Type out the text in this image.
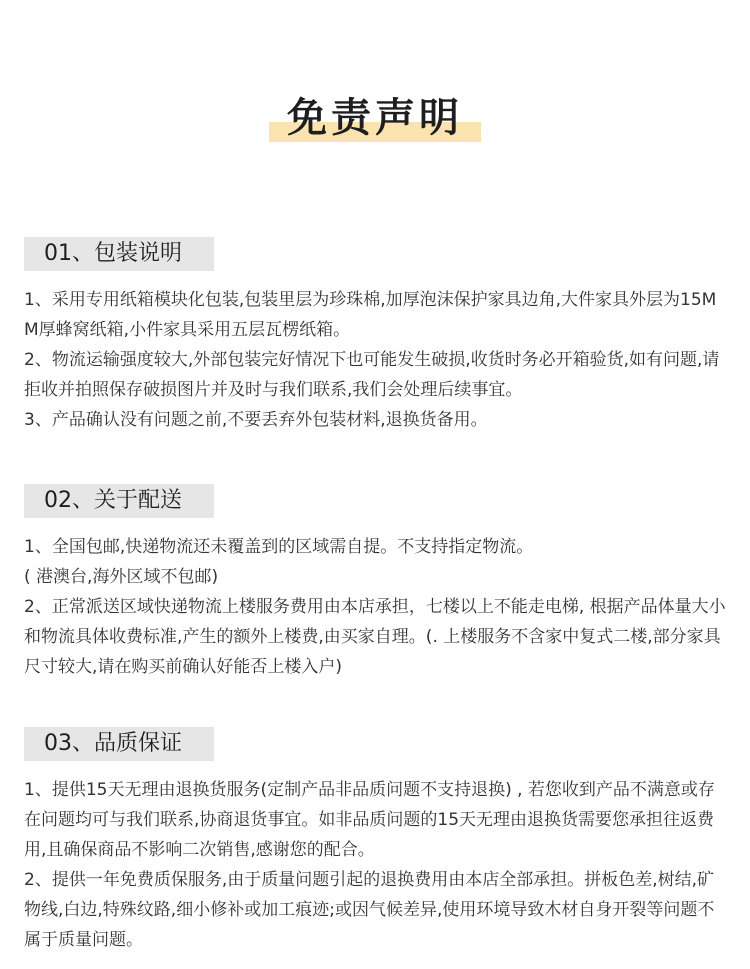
免责声明
01、包装说明

1、采用专用纸箱模块化包装,包装里层为珍珠棉,加厚泡沫保护家具边角,大件家具外层为15MM厚蜂窝纸箱,小件家具采用五层瓦楞纸箱。

2、物流运输强度较大,外部包装完好情况下也可能发生破损,收货时务必开箱验货,如有问题,请拒收并拍照保存破损图片并及时与我们联系,我们会处理后续事宜。

3、产品确认没有问题之前,不要丢弃外包装材料,退换货备用。

02、关于配送

1、全国包邮,快递物流还未覆盖到的区域需自提。不支持指定物流。

( 港澳台,海外区域不包邮)

2、正常派送区域快递物流上楼服务费用由本店承担，七楼以上不能走电梯, 根据产品体量大小和物流具体收费标准,产生的额外上楼费,由买家自理。(. 上楼服务不含家中复式二楼,部分家具尺寸较大,请在购买前确认好能否上楼入户)

03、品质保证

1、提供15天无理由退换货服务(定制产品非品质问题不支持退换) , 若您收到产品不满意或存在问题均可与我们联系,协商退货事宜。如非品质问题的15天无理由退换货需要您承担往返费用,且确保商品不影响二次销售,感谢您的配合。

2、提供一年免费质保服务,由于质量问题引起的退换费用由本店全部承担。拼板色差,树结,矿物线,白边,特殊纹路,细小修补或加工痕迹;或因气候差异,使用环境导致木材自身开裂等问题不属于质量问题。
